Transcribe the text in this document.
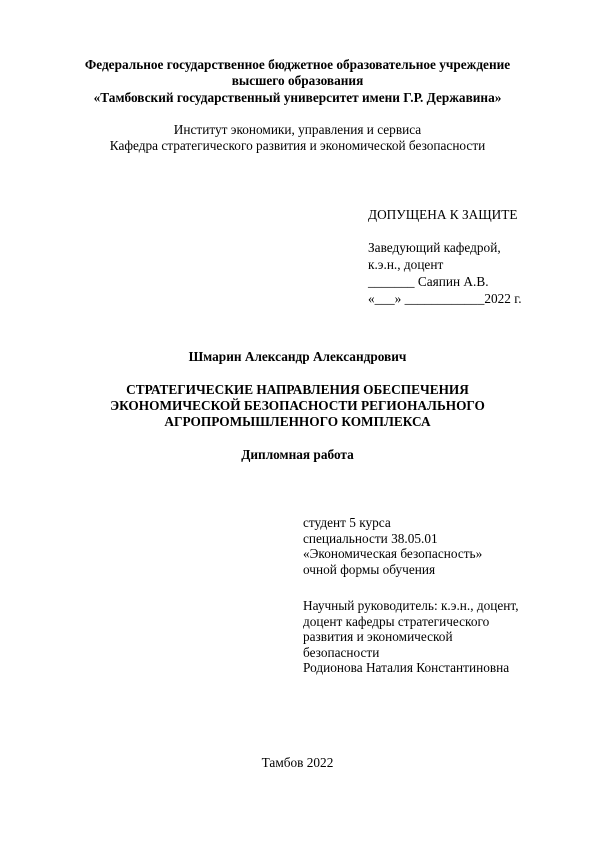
Федеральное государственное бюджетное образовательное учреждение
высшего образования
«Тамбовский государственный университет имени Г.Р. Державина»
Институт экономики, управления и сервиса
Кафедра стратегического развития и экономической безопасности
ДОПУЩЕНА К ЗАЩИТЕ
Заведующий кафедрой,
к.э.н., доцент
_______ Саяпин А.В.
«___» ____________2022 г.
Шмарин Александр Александрович
СТРАТЕГИЧЕСКИЕ НАПРАВЛЕНИЯ ОБЕСПЕЧЕНИЯ
ЭКОНОМИЧЕСКОЙ БЕЗОПАСНОСТИ РЕГИОНАЛЬНОГО
АГРОПРОМЫШЛЕННОГО КОМПЛЕКСА
Дипломная работа
студент 5 курса
специальности 38.05.01
«Экономическая безопасность»
очной формы обучения
Научный руководитель: к.э.н., доцент,
доцент кафедры стратегического
развития и экономической
безопасности
Родионова Наталия Константиновна
Тамбов 2022
